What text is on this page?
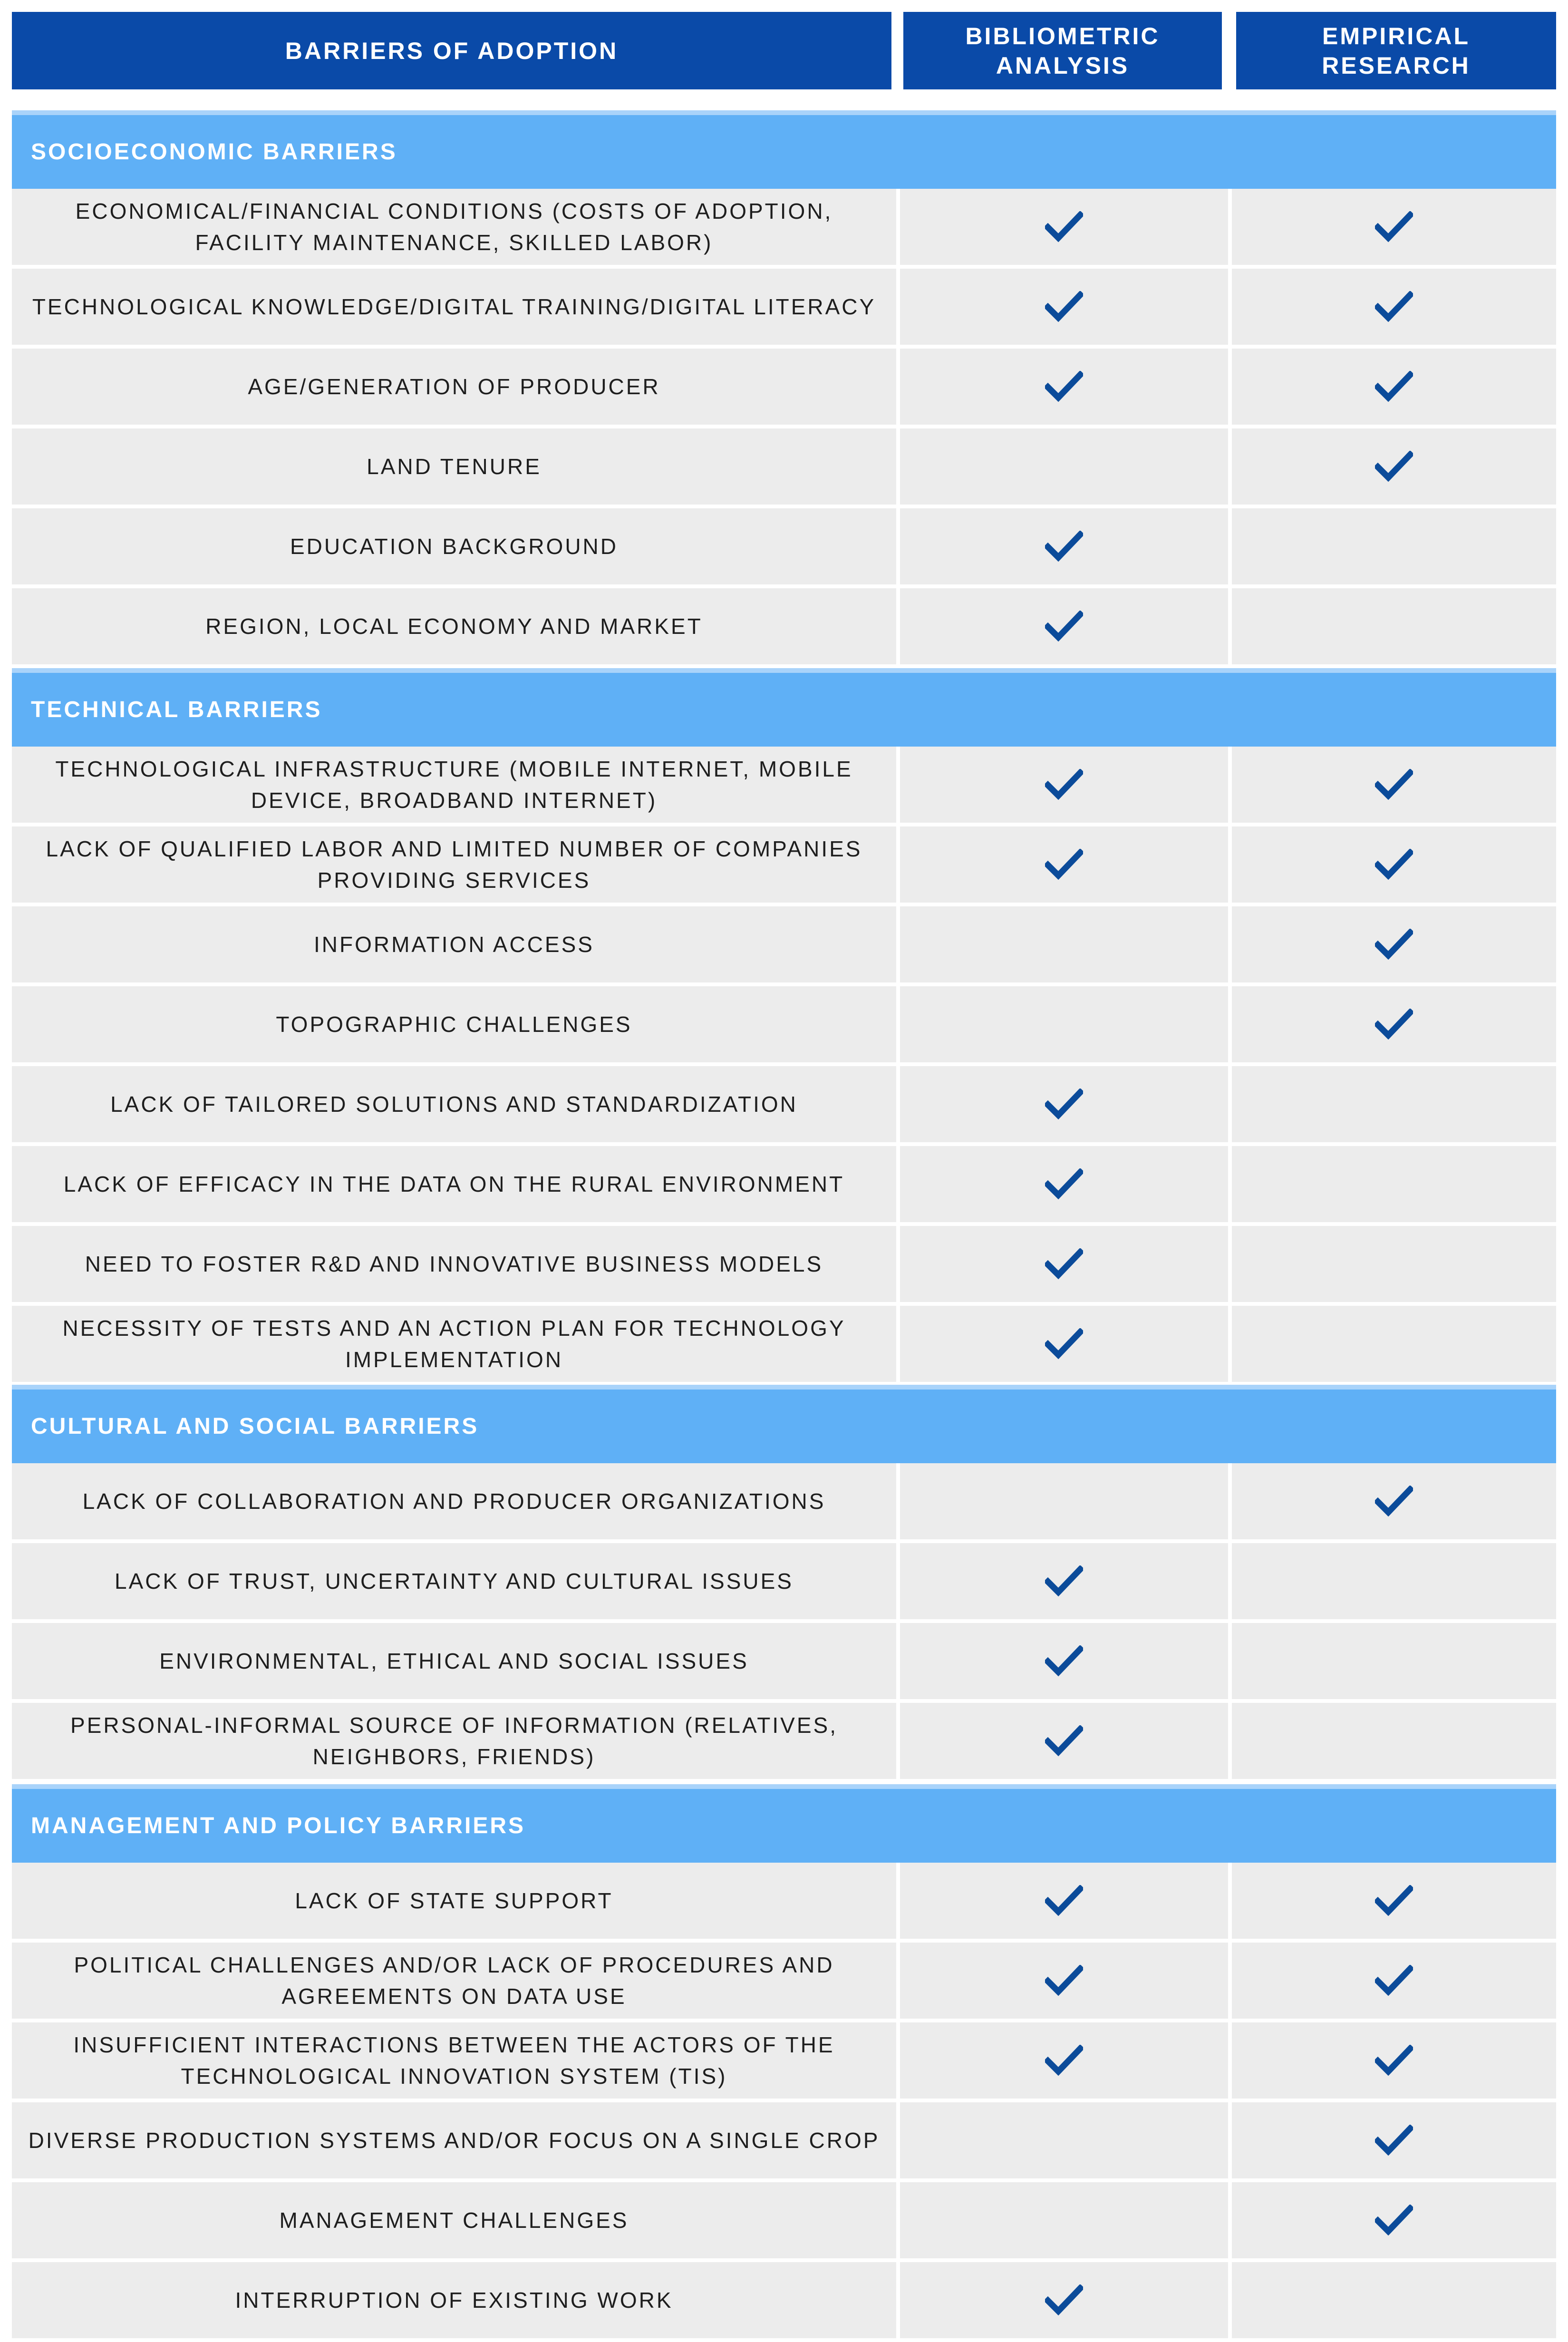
BARRIERS OF ADOPTION
BIBLIOMETRIC ANALYSIS
EMPIRICAL RESEARCH
SOCIOECONOMIC BARRIERS
ECONOMICAL/FINANCIAL CONDITIONS (COSTS OF ADOPTION, FACILITY MAINTENANCE, SKILLED LABOR)
TECHNOLOGICAL KNOWLEDGE/DIGITAL TRAINING/DIGITAL LITERACY
AGE/GENERATION OF PRODUCER
LAND TENURE
EDUCATION BACKGROUND
REGION, LOCAL ECONOMY AND MARKET
TECHNICAL BARRIERS
TECHNOLOGICAL INFRASTRUCTURE (MOBILE INTERNET, MOBILE DEVICE, BROADBAND INTERNET)
LACK OF QUALIFIED LABOR AND LIMITED NUMBER OF COMPANIES PROVIDING SERVICES
INFORMATION ACCESS
TOPOGRAPHIC CHALLENGES
LACK OF TAILORED SOLUTIONS AND STANDARDIZATION
LACK OF EFFICACY IN THE DATA ON THE RURAL ENVIRONMENT
NEED TO FOSTER R&D AND INNOVATIVE BUSINESS MODELS
NECESSITY OF TESTS AND AN ACTION PLAN FOR TECHNOLOGY IMPLEMENTATION
CULTURAL AND SOCIAL BARRIERS
LACK OF COLLABORATION AND PRODUCER ORGANIZATIONS
LACK OF TRUST, UNCERTAINTY AND CULTURAL ISSUES
ENVIRONMENTAL, ETHICAL AND SOCIAL ISSUES
PERSONAL-INFORMAL SOURCE OF INFORMATION (RELATIVES, NEIGHBORS, FRIENDS)
MANAGEMENT AND POLICY BARRIERS
LACK OF STATE SUPPORT
POLITICAL CHALLENGES AND/OR LACK OF PROCEDURES AND AGREEMENTS ON DATA USE
INSUFFICIENT INTERACTIONS BETWEEN THE ACTORS OF THE TECHNOLOGICAL INNOVATION SYSTEM (TIS)
DIVERSE PRODUCTION SYSTEMS AND/OR FOCUS ON A SINGLE CROP
MANAGEMENT CHALLENGES
INTERRUPTION OF EXISTING WORK
